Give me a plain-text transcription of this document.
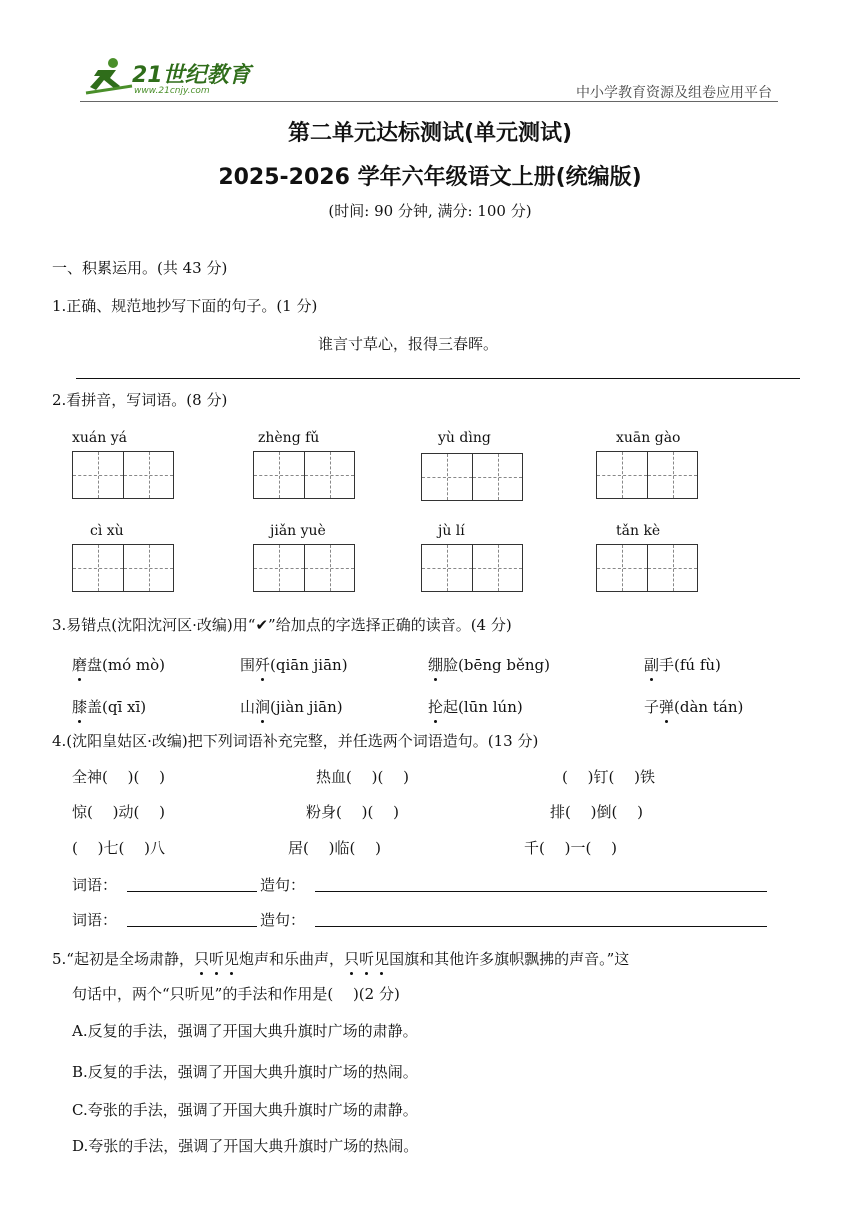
21世纪教育
www.21cnjy.com	中小学教育资源及组卷应用平台
第二单元达标测试(单元测试)
2025-2026 学年六年级语文上册(统编版)
(时间: 90 分钟, 满分: 100 分)
一、积累运用。(共 43 分)
1.正确、规范地抄写下面的句子。(1 分)
谁言寸草心，报得三春晖。
2.看拼音，写词语。(8 分)
xuán yá	zhèng fǔ	yù dìng	xuān gào
cì xù	jiǎn yuè	jù lí	tǎn kè
3.易错点(沈阳沈河区·改编)用“✔”给加点的字选择正确的读音。(4 分)
磨盘(mó mò)	围歼(qiān jiān)	绷脸(bēng běng)	副手(fú fù)
膝盖(qī xī)	山涧(jiàn jiān)	抡起(lūn lún)	子弹(dàn tán)
4.(沈阳皇姑区·改编)把下列词语补充完整，并任选两个词语造句。(13 分)
全神(　 )(　 )	热血(　 )(　 )	(　 )钉(　 )铁
惊(　 )动(　 )	粉身(　 )(　 )	排(　 )倒(　 )
(　 )七(　 )八	居(　 )临(　 )	千(　 )一(　 )
词语：	造句：
词语：	造句：
5.“起初是全场肃静，只听见炮声和乐曲声，只听见国旗和其他许多旗帜飘拂的声音。”这
句话中，两个“只听见”的手法和作用是(　 )(2 分)
A.反复的手法，强调了开国大典升旗时广场的肃静。
B.反复的手法，强调了开国大典升旗时广场的热闹。
C.夸张的手法，强调了开国大典升旗时广场的肃静。
D.夸张的手法，强调了开国大典升旗时广场的热闹。
